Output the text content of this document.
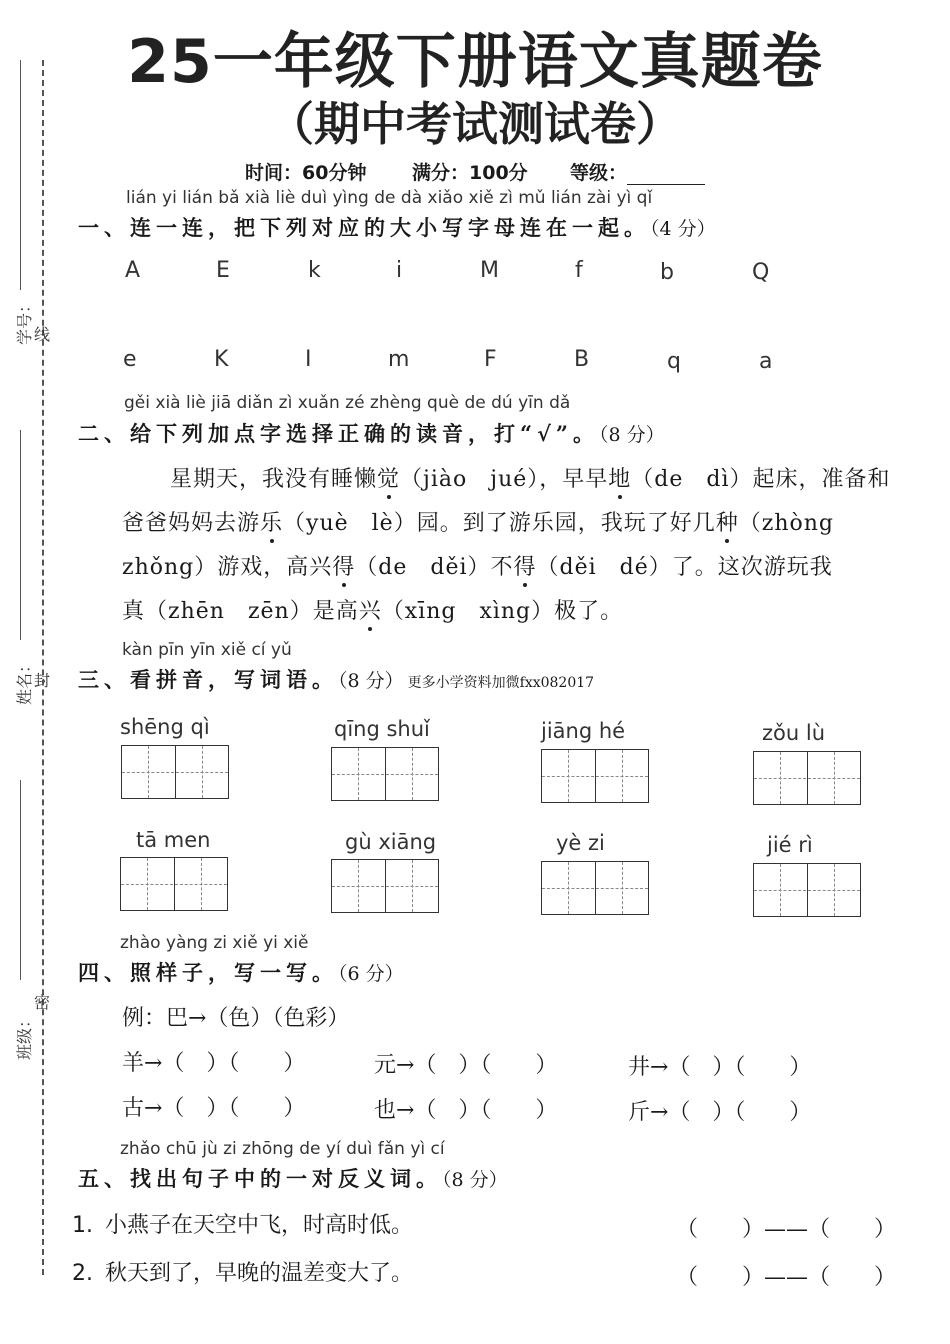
学号： 线
姓名： 封
班级：
密
25一年级下册语文真题卷
（期中考试测试卷）
时间：60分钟 满分：100分 等级：
lián yi lián bǎ xià liè duì yìng de dà xiǎo xiě zì mǔ lián zài yì qǐ
一、连一连，把下列对应的大小写字母连在一起。（4 分）
A	E	k	i	M	f	b	Q
e	K	I	m	F	B	q	a
gěi xià liè jiā diǎn zì xuǎn zé zhèng què de dú yīn dǎ
二、给下列加点字选择正确的读音，打“√”。（8 分）
星期天，我没有睡懒觉（jiào　jué），早早地（de　dì）起床，准备和
爸爸妈妈去游乐（yuè　lè）园。到了游乐园，我玩了好几种（zhòng
zhǒng）游戏，高兴得（de　děi）不得（děi　dé）了。这次游玩我
真（zhēn　zēn）是高兴（xīng　xìng）极了。
kàn pīn yīn xiě cí yǔ
三、看拼音，写词语。（8 分） 更多小学资料加微fxx082017
shēng qì	qīng shuǐ	jiāng hé	zǒu lù
tā men	gù xiāng	yè zi	jié rì
zhào yàng zi xiě yi xiě
四、照样子，写一写。（6 分）
例：巴→（色）（色彩）
羊→（　）（　　）	元→（　）（　　）	井→（　）（　　）
古→（　）（　　）	也→（　）（　　）	斤→（　）（　　）
zhǎo chū jù zi zhōng de yí duì fǎn yì cí
五、找出句子中的一对反义词。（8 分）
1. 小燕子在天空中飞，时高时低。	（　　）——（　　）
2. 秋天到了，早晚的温差变大了。	（　　）——（　　）
